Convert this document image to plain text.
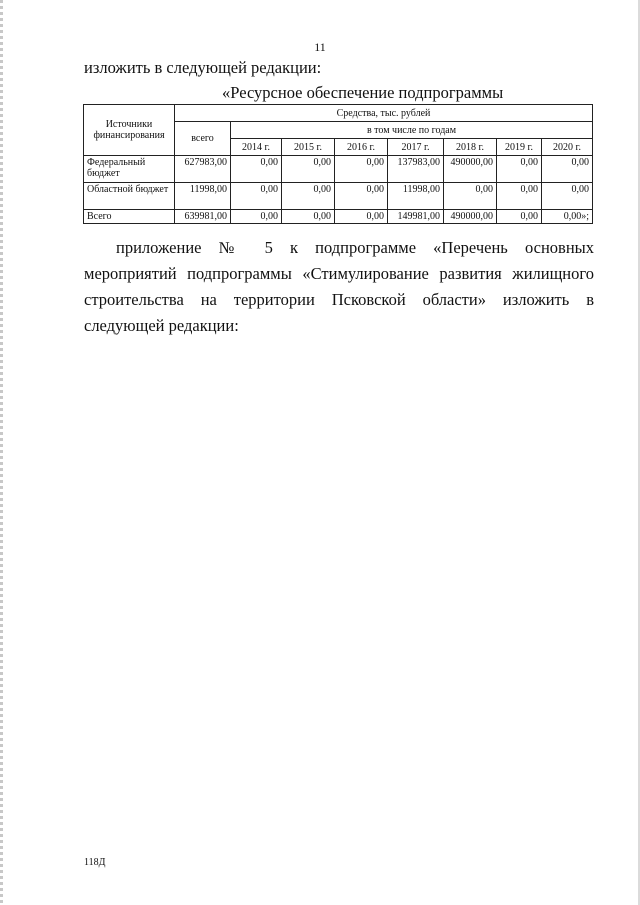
11
изложить в следующей редакции:
«Ресурсное обеспечение подпрограммы
Источники финансирования	Средства, тыс. рублей							
	всего	в том числе по годам						
		2014 г.	2015 г.	2016 г.	2017 г.	2018 г.	2019 г.	2020 г.
Федеральный бюджет	627983,00	0,00	0,00	0,00	137983,00	490000,00	0,00	0,00
Областной бюджет	11998,00	0,00	0,00	0,00	11998,00	0,00	0,00	0,00
Всего	639981,00	0,00	0,00	0,00	149981,00	490000,00	0,00	0,00»;

приложение № 5 к подпрограмме «Перечень основных мероприятий подпрограммы «Стимулирование развития жилищного строительства на территории Псковской области» изложить в следующей редакции:

118Д
